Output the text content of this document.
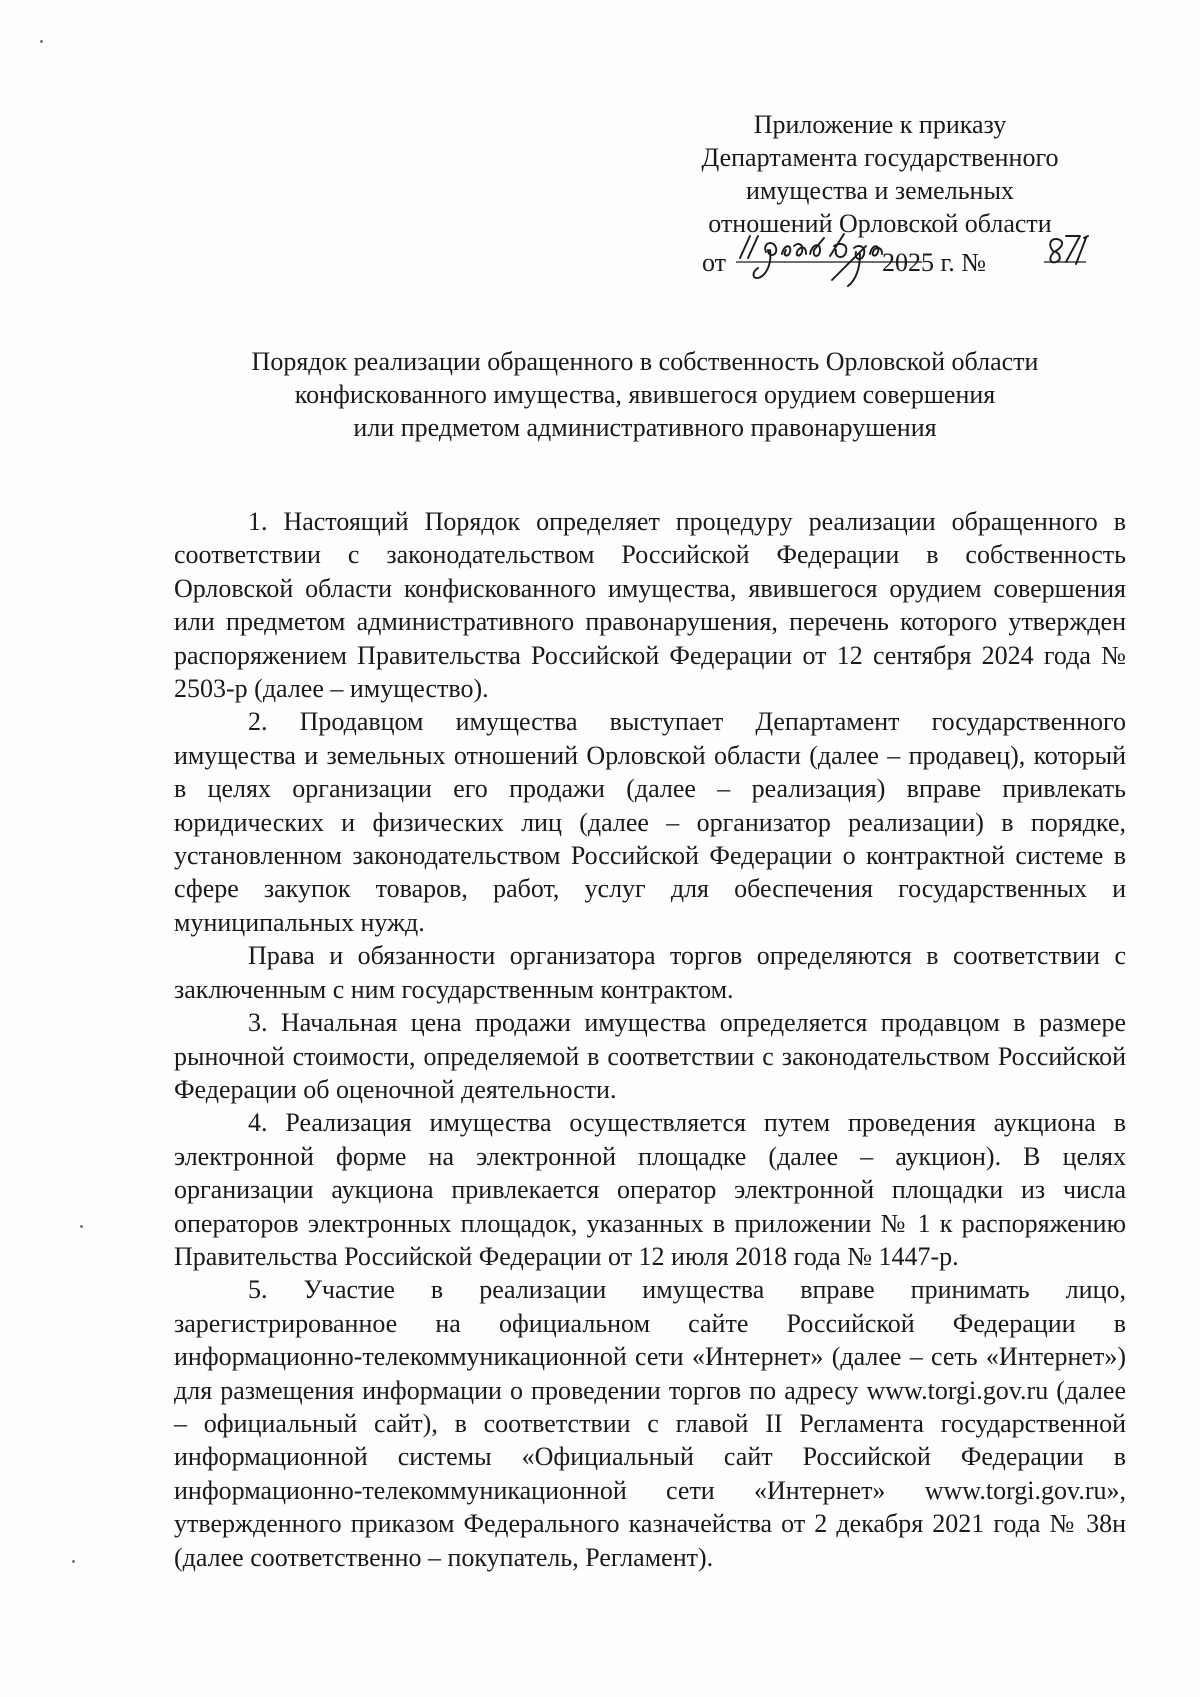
Приложение к приказу
Департамента государственного
имущества и земельных
отношений Орловской области
от	2025 г. №
Порядок реализации обращенного в собственность Орловской области
конфискованного имущества, явившегося орудием совершения
или предметом административного правонарушения

1. Настоящий Порядок определяет процедуру реализации обращенного в соответствии с законодательством Российской Федерации в собственность Орловской области конфискованного имущества, явившегося орудием совершения или предметом административного правонарушения, перечень которого утвержден распоряжением Правительства Российской Федерации от 12 сентября 2024 года № 2503-р (далее – имущество).

2. Продавцом имущества выступает Департамент государственного имущества и земельных отношений Орловской области (далее – продавец), который в целях организации его продажи (далее – реализация) вправе привлекать юридических и физических лиц (далее – организатор реализации) в порядке, установленном законодательством Российской Федерации о контрактной системе в сфере закупок товаров, работ, услуг для обеспечения государственных и муниципальных нужд.

Права и обязанности организатора торгов определяются в соответствии с заключенным с ним государственным контрактом.

3. Начальная цена продажи имущества определяется продавцом в размере рыночной стоимости, определяемой в соответствии с законодательством Российской Федерации об оценочной деятельности.

4. Реализация имущества осуществляется путем проведения аукциона в электронной форме на электронной площадке (далее – аукцион). В целях организации аукциона привлекается оператор электронной площадки из числа операторов электронных площадок, указанных в приложении № 1 к распоряжению Правительства Российской Федерации от 12 июля 2018 года № 1447-р.

5. Участие в реализации имущества вправе принимать лицо, зарегистрированное на официальном сайте Российской Федерации в информационно-телекоммуникационной сети «Интернет» (далее – сеть «Интернет») для размещения информации о проведении торгов по адресу www.torgi.gov.ru (далее – официальный сайт), в соответствии с главой II Регламента государственной информационной системы «Официальный сайт Российской Федерации в информационно-телекоммуникационной сети «Интернет» www.torgi.gov.ru», утвержденного приказом Федерального казначейства от 2 декабря 2021 года № 38н (далее соответственно – покупатель, Регламент).
